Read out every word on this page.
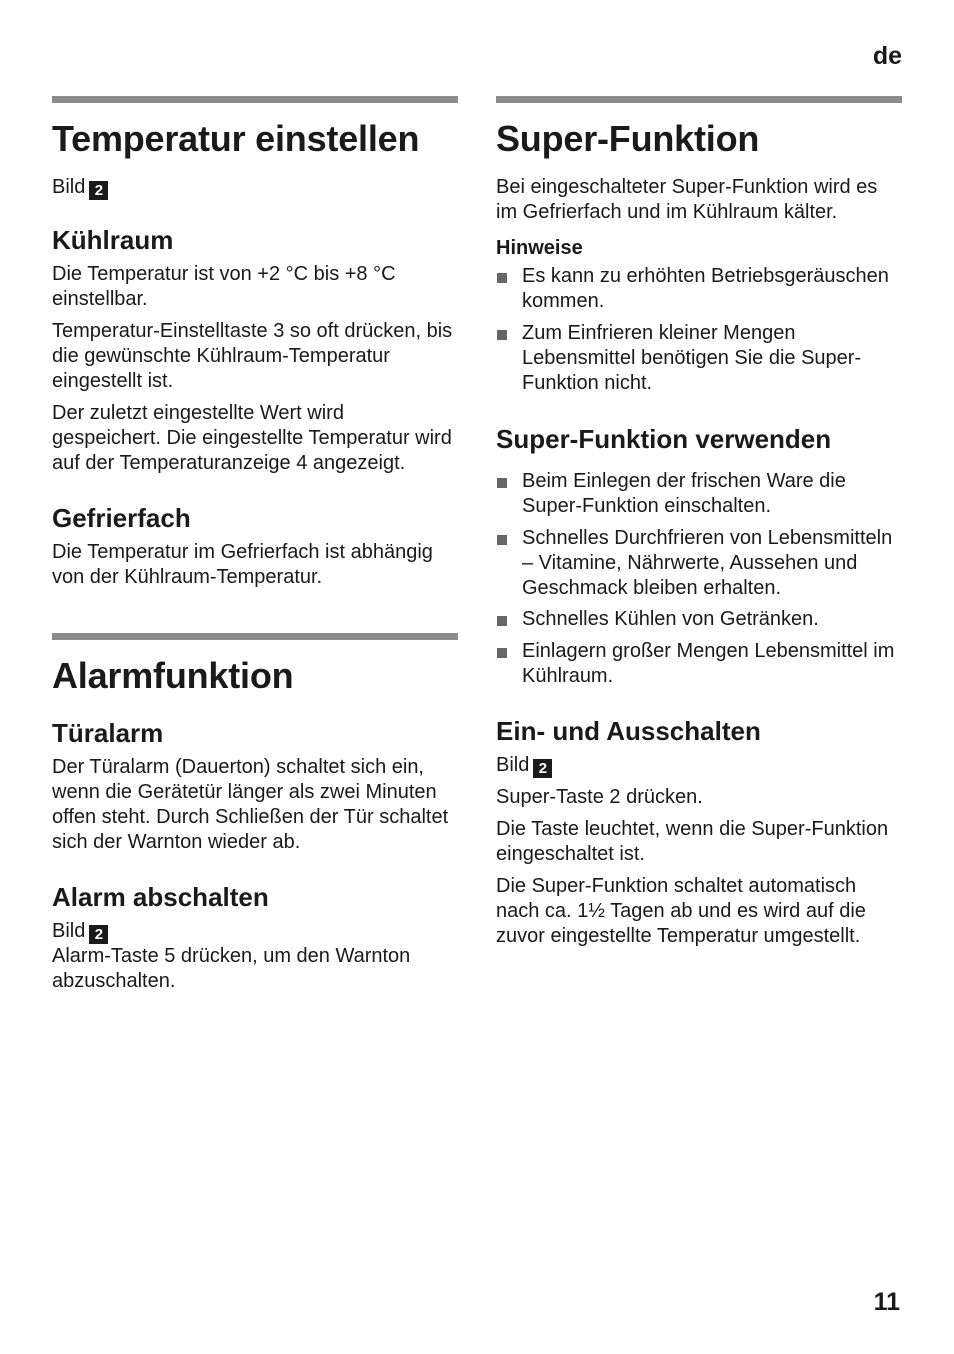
de
Temperatur einstellen
Bild 2
Kühlraum

Die Temperatur ist von +2 °C bis +8 °C einstellbar.

Temperatur-Einstelltaste 3 so oft drücken, bis die gewünschte Kühlraum-Temperatur eingestellt ist.

Der zuletzt eingestellte Wert wird gespeichert. Die eingestellte Temperatur wird auf der Temperaturanzeige 4 angezeigt.

Gefrierfach

Die Temperatur im Gefrierfach ist abhängig von der Kühlraum-Temperatur.

Alarmfunktion
Türalarm

Der Türalarm (Dauerton) schaltet sich ein, wenn die Gerätetür länger als zwei Minuten offen steht. Durch Schließen der Tür schaltet sich der Warnton wieder ab.

Alarm abschalten
Bild 2

Alarm-Taste 5 drücken, um den Warnton abzuschalten.

Super-Funktion

Bei eingeschalteter Super-Funktion wird es im Gefrierfach und im Kühlraum kälter.

Hinweise
Es kann zu erhöhten Betriebsgeräuschen kommen.
Zum Einfrieren kleiner Mengen Lebensmittel benötigen Sie die Super-Funktion nicht.
Super-Funktion verwenden
Beim Einlegen der frischen Ware die Super-Funktion einschalten.
Schnelles Durchfrieren von Lebensmitteln – Vitamine, Nährwerte, Aussehen und Geschmack bleiben erhalten.
Schnelles Kühlen von Getränken.
Einlagern großer Mengen Lebensmittel im Kühlraum.
Ein- und Ausschalten
Bild 2

Super-Taste 2 drücken.

Die Taste leuchtet, wenn die Super-Funktion eingeschaltet ist.

Die Super-Funktion schaltet automatisch nach ca. 1½ Tagen ab und es wird auf die zuvor eingestellte Temperatur umgestellt.

11
